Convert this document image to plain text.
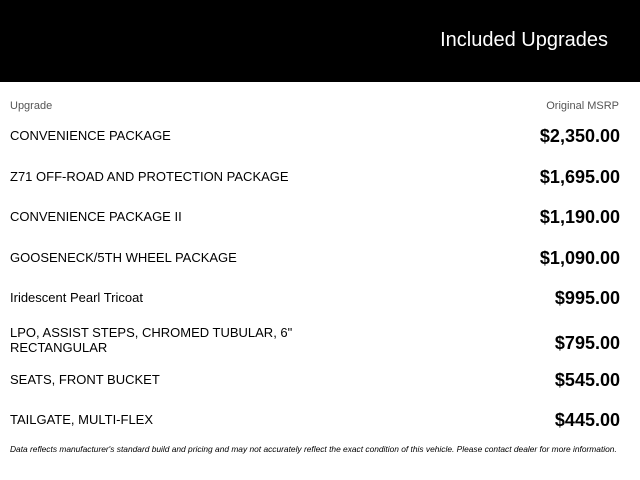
Included Upgrades
Upgrade	Original MSRP
CONVENIENCE PACKAGE	$2,350.00
Z71 OFF-ROAD AND PROTECTION PACKAGE	$1,695.00
CONVENIENCE PACKAGE II	$1,190.00
GOOSENECK/5TH WHEEL PACKAGE	$1,090.00
Iridescent Pearl Tricoat	$995.00
LPO, ASSIST STEPS, CHROMED TUBULAR, 6" RECTANGULAR	$795.00
SEATS, FRONT BUCKET	$545.00
TAILGATE, MULTI-FLEX	$445.00
Data reflects manufacturer's standard build and pricing and may not accurately reflect the exact condition of this vehicle. Please contact dealer for more information.
